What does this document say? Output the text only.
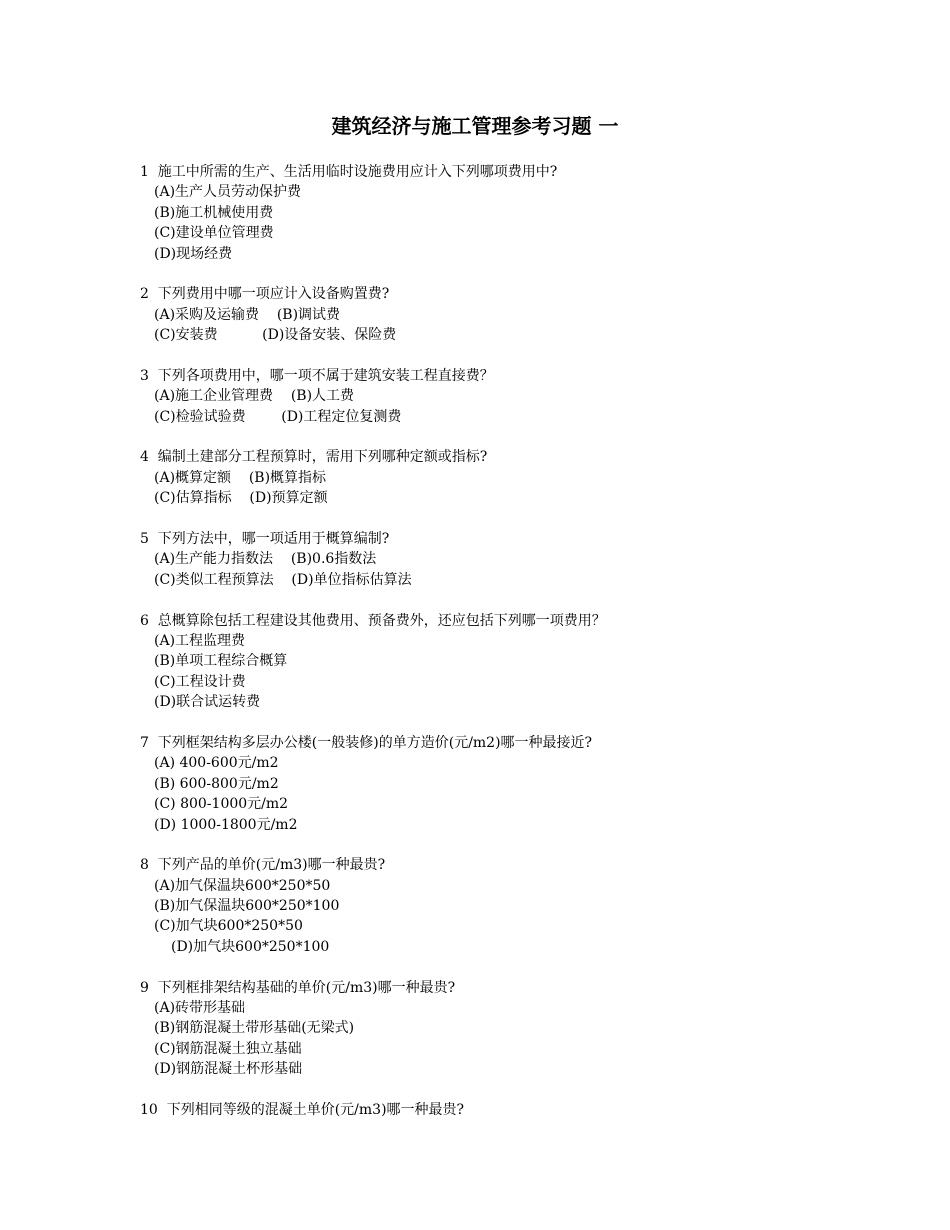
建筑经济与施工管理参考习题 一
1  施工中所需的生产、生活用临时设施费用应计入下列哪项费用中?
(A)生产人员劳动保护费
(B)施工机械使用费
(C)建设单位管理费
(D)现场经费
2  下列费用中哪一项应计入设备购置费?
(A)采购及运输费    (B)调试费
(C)安装费          (D)设备安装、保险费
3  下列各项费用中，哪一项不属于建筑安装工程直接费？
(A)施工企业管理费    (B)人工费
(C)检验试验费        (D)工程定位复测费
4  编制土建部分工程预算时，需用下列哪种定额或指标?
(A)概算定额    (B)概算指标
(C)估算指标    (D)预算定额
5  下列方法中，哪一项适用于概算编制?
(A)生产能力指数法    (B)0.6指数法
(C)类似工程预算法    (D)单位指标估算法
6  总概算除包括工程建设其他费用、预备费外，还应包括下列哪一项费用？
(A)工程监理费
(B)单项工程综合概算
(C)工程设计费
(D)联合试运转费
7  下列框架结构多层办公楼(一般装修)的单方造价(元/m2)哪一种最接近?
(A) 400-600元/m2
(B) 600-800元/m2
(C) 800-1000元/m2
(D) 1000-1800元/m2
8  下列产品的单价(元/m3)哪一种最贵?
(A)加气保温块600*250*50
(B)加气保温块600*250*100
(C)加气块600*250*50
(D)加气块600*250*100
9  下列框排架结构基础的单价(元/m3)哪一种最贵?
(A)砖带形基础
(B)钢筋混凝土带形基础(无梁式)
(C)钢筋混凝土独立基础
(D)钢筋混凝土杯形基础
10  下列相同等级的混凝土单价(元/m3)哪一种最贵?
